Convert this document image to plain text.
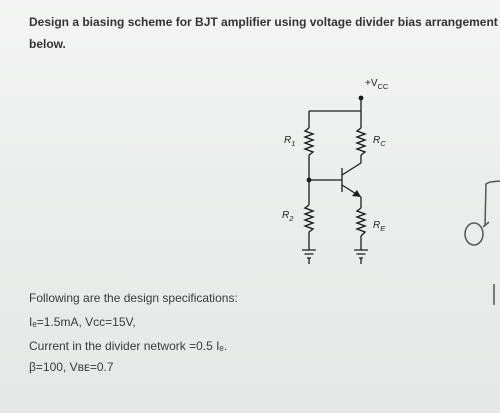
Design a biasing scheme for BJT amplifier using voltage divider bias arrangement
below.
$+V_{CC}$
$R_1$
$R_2$
$R_C$
$R_E$
Following are the design specifications:
Iₑ=1.5mA, Vᴄᴄ=15V,
Current in the divider network =0.5 Iₑ.
β=100, Vʙᴇ=0.7
